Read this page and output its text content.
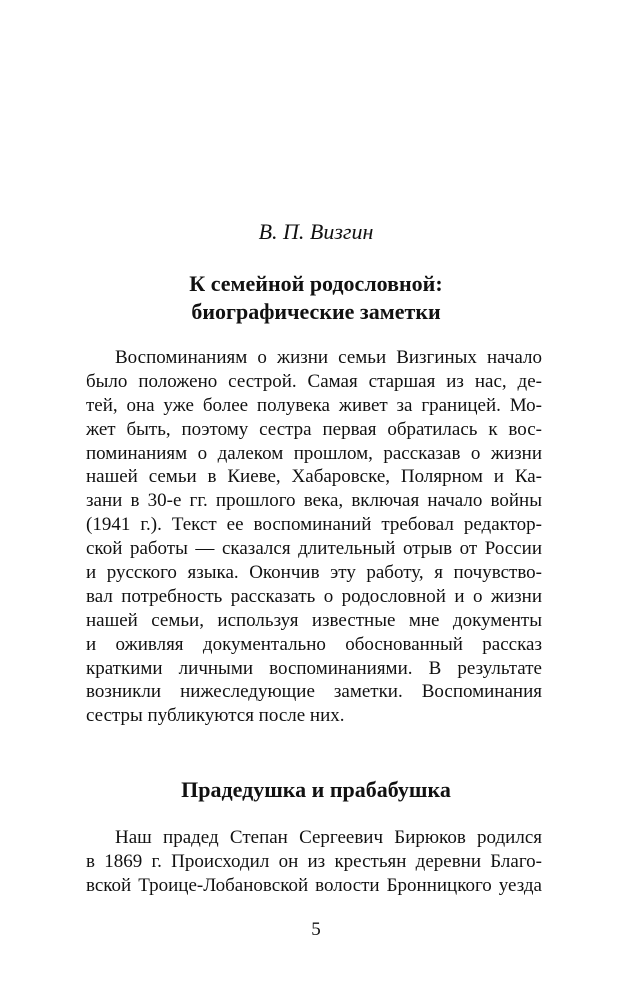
В. П. Визгин
К семейной родословной:
биографические заметки
Воспоминаниям о жизни семьи Визгиных начало
было положено сестрой. Самая старшая из нас, де-
тей, она уже более полувека живет за границей. Мо-
жет быть, поэтому сестра первая обратилась к вос-
поминаниям о далеком прошлом, рассказав о жизни
нашей семьи в Киеве, Хабаровске, Полярном и Ка-
зани в 30-е гг. прошлого века, включая начало войны
(1941 г.). Текст ее воспоминаний требовал редактор-
ской работы — сказался длительный отрыв от России
и русского языка. Окончив эту работу, я почувство-
вал потребность рассказать о родословной и о жизни
нашей семьи, используя известные мне документы
и оживляя документально обоснованный рассказ
краткими личными воспоминаниями. В результате
возникли нижеследующие заметки. Воспоминания
сестры публикуются после них.
Прадедушка и прабабушка
Наш прадед Степан Сергеевич Бирюков родился
в 1869 г. Происходил он из крестьян деревни Благо-
вской Троице-Лобановской волости Бронницкого уезда
5
